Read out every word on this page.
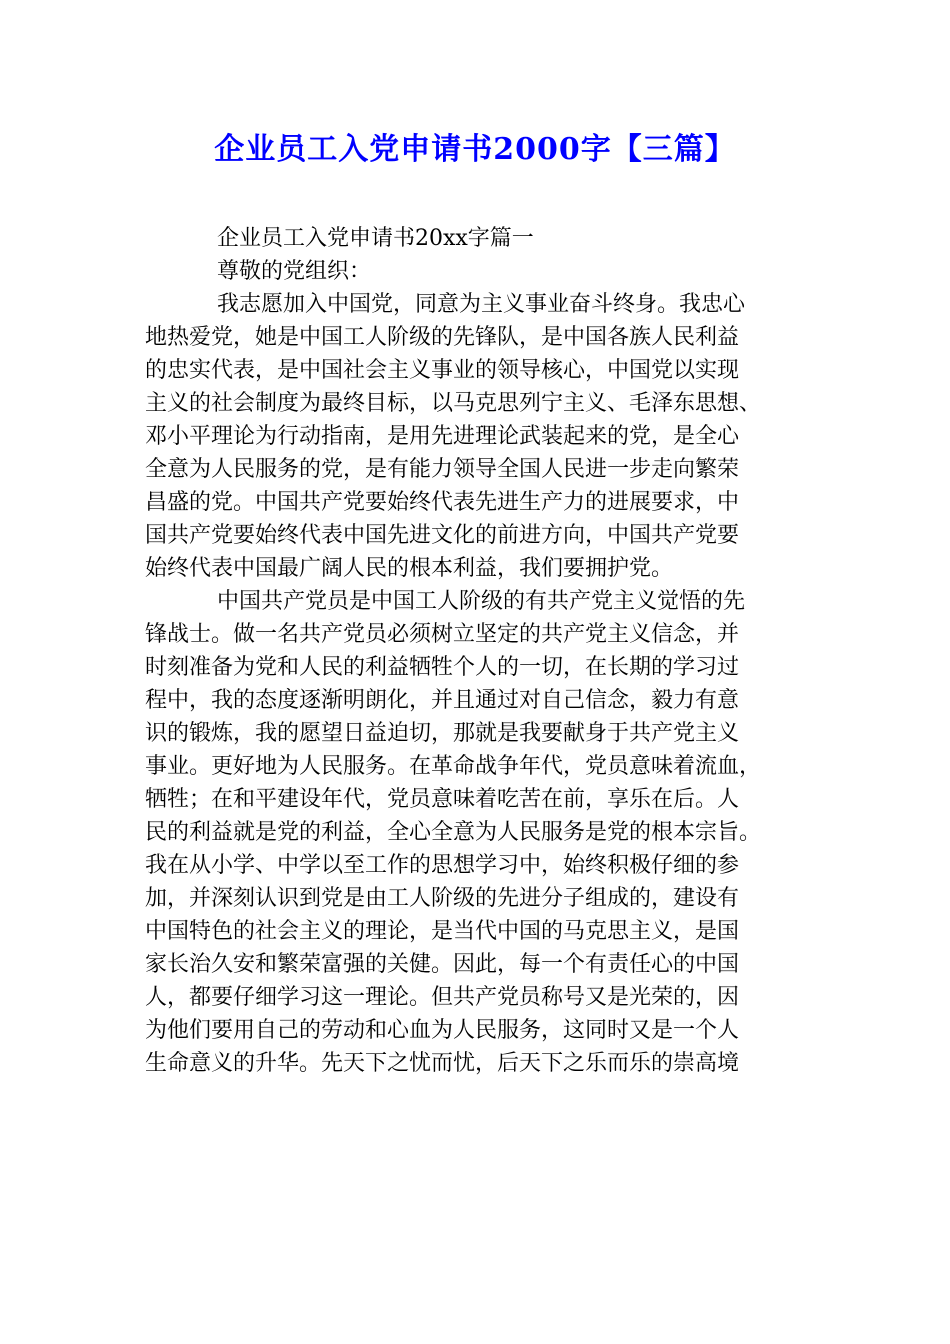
企业员工入党申请书2000字【三篇】
企业员工入党申请书20xx字篇一
尊敬的党组织：
我志愿加入中国党，同意为主义事业奋斗终身。我忠心
地热爱党，她是中国工人阶级的先锋队，是中国各族人民利益
的忠实代表，是中国社会主义事业的领导核心，中国党以实现
主义的社会制度为最终目标，以马克思列宁主义、毛泽东思想、
邓小平理论为行动指南，是用先进理论武装起来的党，是全心
全意为人民服务的党，是有能力领导全国人民进一步走向繁荣
昌盛的党。中国共产党要始终代表先进生产力的进展要求，中
国共产党要始终代表中国先进文化的前进方向，中国共产党要
始终代表中国最广阔人民的根本利益，我们要拥护党。
中国共产党员是中国工人阶级的有共产党主义觉悟的先
锋战士。做一名共产党员必须树立坚定的共产党主义信念，并
时刻准备为党和人民的利益牺牲个人的一切，在长期的学习过
程中，我的态度逐渐明朗化，并且通过对自己信念，毅力有意
识的锻炼，我的愿望日益迫切，那就是我要献身于共产党主义
事业。更好地为人民服务。在革命战争年代，党员意味着流血，
牺牲；在和平建设年代，党员意味着吃苦在前，享乐在后。人
民的利益就是党的利益，全心全意为人民服务是党的根本宗旨。
我在从小学、中学以至工作的思想学习中，始终积极仔细的参
加，并深刻认识到党是由工人阶级的先进分子组成的，建设有
中国特色的社会主义的理论，是当代中国的马克思主义，是国
家长治久安和繁荣富强的关健。因此，每一个有责任心的中国
人，都要仔细学习这一理论。但共产党员称号又是光荣的，因
为他们要用自己的劳动和心血为人民服务，这同时又是一个人
生命意义的升华。先天下之忧而忧，后天下之乐而乐的崇高境
